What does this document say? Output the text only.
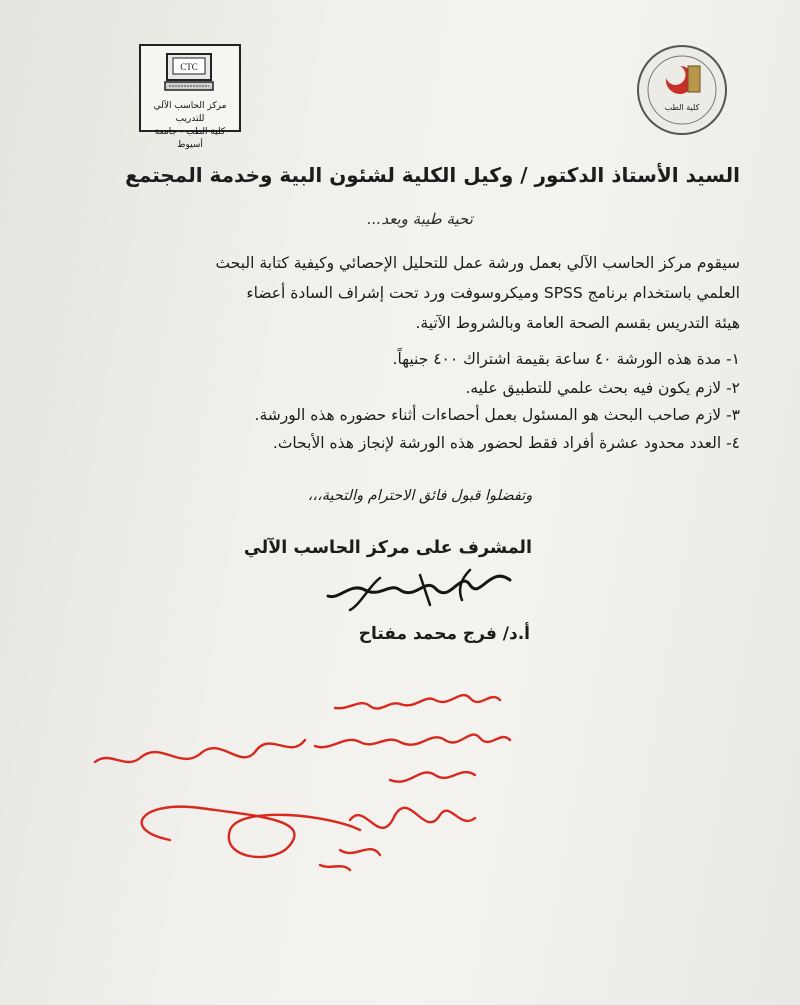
CTC
مركز الحاسب الآلي للتدريب
كلية الطب - جامعة أسيوط
كلية الطب
السيد الأستاذ الدكتور / وكيل الكلية لشئون البية وخدمة المجتمع
تحية طيبة وبعد...
سيقوم مركز الحاسب الآلي بعمل ورشة عمل للتحليل الإحصائي وكيفية كتابة البحث
العلمي باستخدام برنامج SPSS وميكروسوفت ورد تحت إشراف السادة أعضاء
هيئة التدريس بقسم الصحة العامة وبالشروط الآتية.
١- مدة هذه الورشة ٤٠ ساعة بقيمة اشتراك ٤٠٠ جنيهاً.
٢- لازم يكون فيه بحث علمي للتطبيق عليه.
٣- لازم صاحب البحث هو المسئول بعمل أحصاءات أثناء حضوره هذه الورشة.
٤- العدد محدود عشرة أفراد فقط لحضور هذه الورشة لإنجاز هذه الأبحاث.
وتفضلوا قبول فائق الاحترام والتحية،،،
المشرف على مركز الحاسب الآلي
أ.د/ فرج محمد مفتاح
